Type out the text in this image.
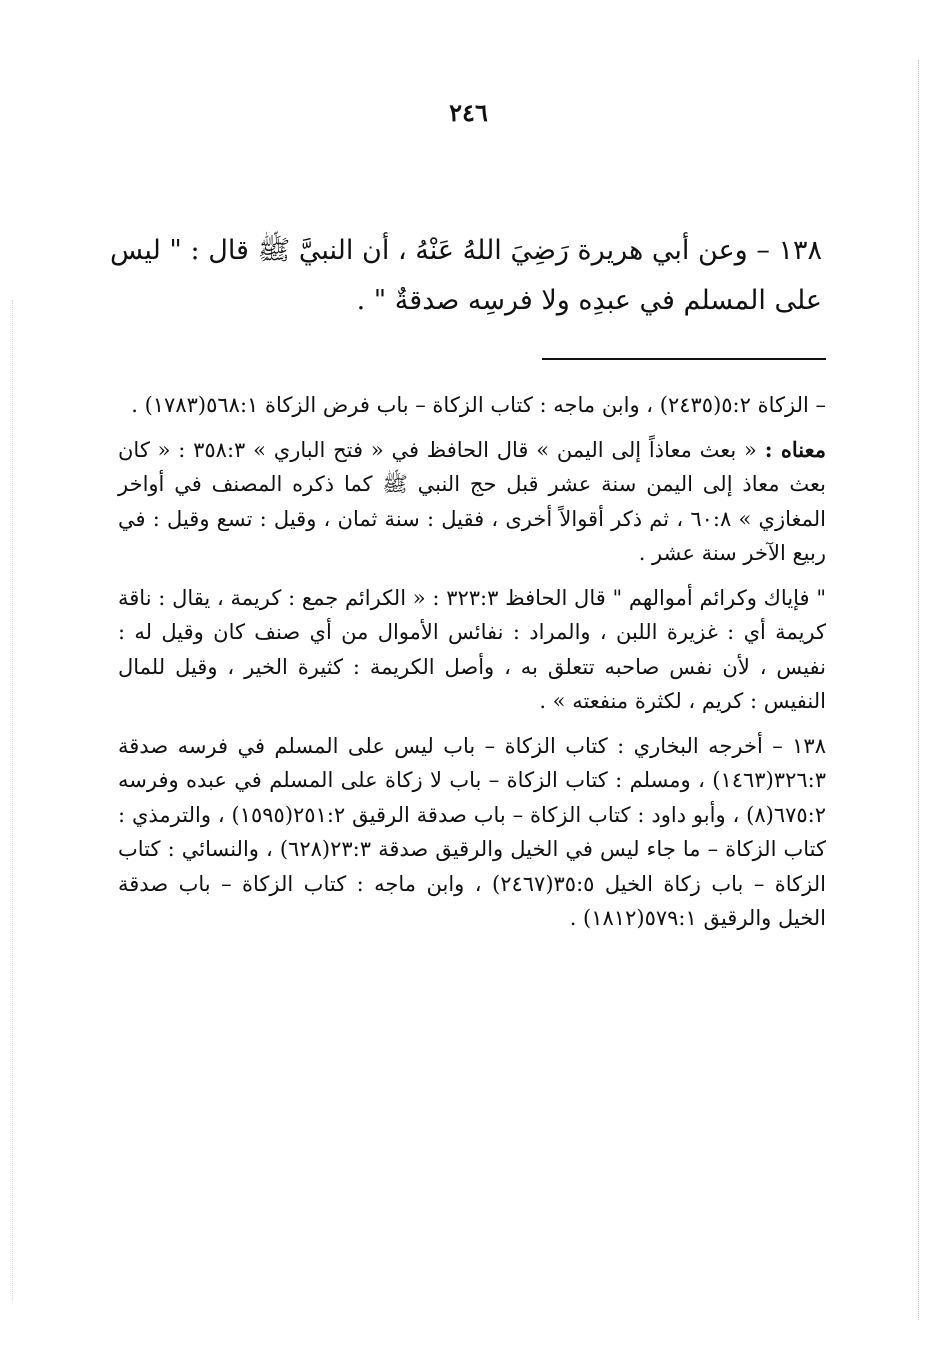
٢٤٦

١٣٨ – وعن أبي هريرة رَضِيَ اللهُ عَنْهُ ، أن النبيَّ ﷺ قال : " ليس على المسلم في عبدِه ولا فرسِه صدقةٌ " .

– الزكاة ٥:٢(٢٤٣٥) ، وابن ماجه : كتاب الزكاة – باب فرض الزكاة ٥٦٨:١(١٧٨٣) .

معناه : « بعث معاذاً إلى اليمن » قال الحافظ في « فتح الباري » ٣٥٨:٣ : « كان بعث معاذ إلى اليمن سنة عشر قبل حج النبي ﷺ كما ذكره المصنف في أواخر المغازي » ٦٠:٨ ، ثم ذكر أقوالاً أخرى ، فقيل : سنة ثمان ، وقيل : تسع وقيل : في ربيع الآخر سنة عشر .

" فإياك وكرائم أموالهم " قال الحافظ ٣٢٣:٣ : « الكرائم جمع : كريمة ، يقال : ناقة كريمة أي : غزيرة اللبن ، والمراد : نفائس الأموال من أي صنف كان وقيل له : نفيس ، لأن نفس صاحبه تتعلق به ، وأصل الكريمة : كثيرة الخير ، وقيل للمال النفيس : كريم ، لكثرة منفعته » .

١٣٨ – أخرجه البخاري : كتاب الزكاة – باب ليس على المسلم في فرسه صدقة ٣٢٦:٣(١٤٦٣) ، ومسلم : كتاب الزكاة – باب لا زكاة على المسلم في عبده وفرسه ٦٧٥:٢(٨) ، وأبو داود : كتاب الزكاة – باب صدقة الرقيق ٢٥١:٢(١٥٩٥) ، والترمذي : كتاب الزكاة – ما جاء ليس في الخيل والرقيق صدقة ٢٣:٣(٦٢٨) ، والنسائي : كتاب الزكاة – باب زكاة الخيل ٣٥:٥(٢٤٦٧) ، وابن ماجه : كتاب الزكاة – باب صدقة الخيل والرقيق ٥٧٩:١(١٨١٢) .
